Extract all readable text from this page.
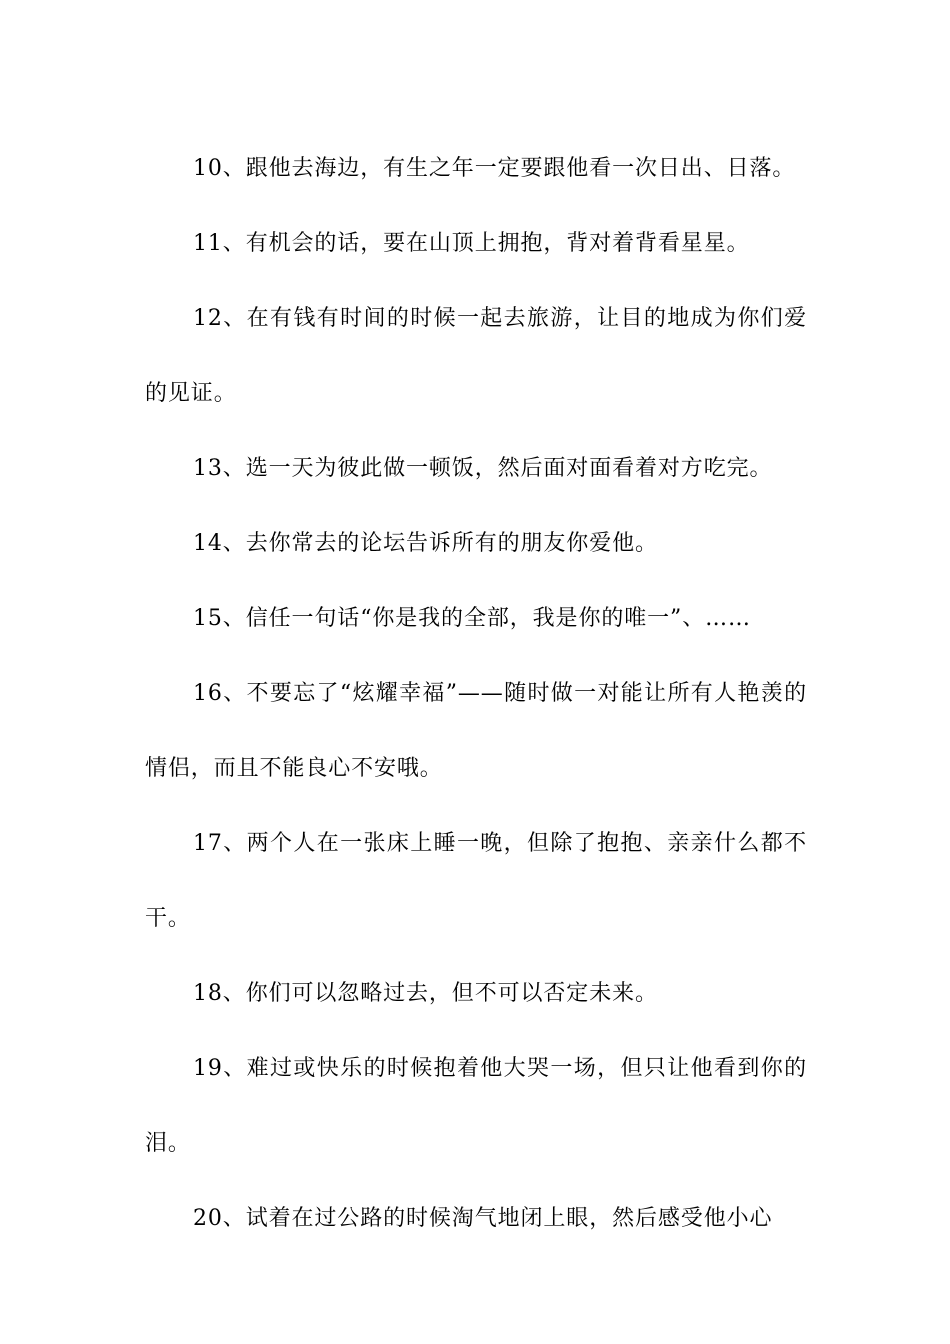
10、跟他去海边，有生之年一定要跟他看一次日出、日落。

11、有机会的话，要在山顶上拥抱，背对着背看星星。

12、在有钱有时间的时候一起去旅游，让目的地成为你们爱的见证。

13、选一天为彼此做一顿饭，然后面对面看着对方吃完。

14、去你常去的论坛告诉所有的朋友你爱他。

15、信任一句话“你是我的全部，我是你的唯一”、……

16、不要忘了“炫耀幸福”——随时做一对能让所有人艳羡的情侣，而且不能良心不安哦。

17、两个人在一张床上睡一晚，但除了抱抱、亲亲什么都不干。

18、你们可以忽略过去，但不可以否定未来。

19、难过或快乐的时候抱着他大哭一场，但只让他看到你的泪。

20、试着在过公路的时候淘气地闭上眼，然后感受他小心
